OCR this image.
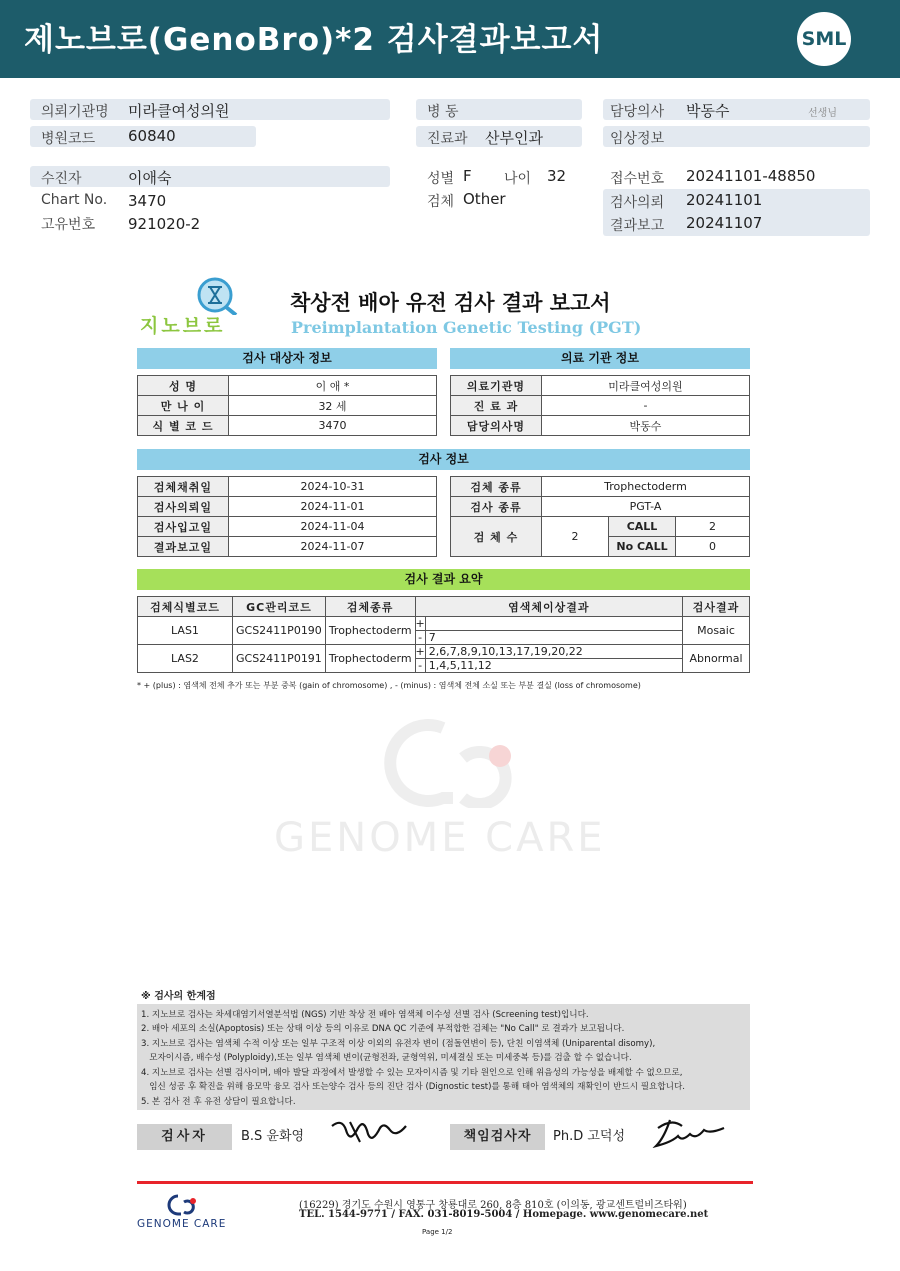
제노브로(GenoBro)*2 검사결과보고서	SML
의뢰기관명 미라클여성의원
병원코드 60840
수진자	이애숙
Chart No. 3470
고유번호 921020-2
병 동
진료과 산부인과
성별 F 나이 32
검체 Other
담당의사 박동수	선생님
임상정보
접수번호 20241101-48850
검사의뢰 20241101
결과보고 20241107
지노브로
착상전 배아 유전 검사 결과 보고서
Preimplantation Genetic Testing (PGT)
검사 대상자 정보	의료 기관 정보
성 명	이 애 *
만 나 이	32 세
식 별 코 드	3470
의료기관명	미라클여성의원
진 료 과	-
담당의사명	박동수
검사 정보
검체채취일	2024-10-31
검사의뢰일	2024-11-01
검사입고일	2024-11-04
결과보고일	2024-11-07
검체 종류	Trophectoderm		
검사 종류	PGT-A		
검 체 수	2	CALL	2
		No CALL	0
검사 결과 요약
검체식별코드	GC관리코드	검체종류	염색체이상결과		검사결과
LAS1	GCS2411P0190	Trophectoderm	+		Mosaic
			-	7	
LAS2	GCS2411P0191	Trophectoderm	+	2,6,7,8,9,10,13,17,19,20,22	Abnormal
			-	1,4,5,11,12	
* + (plus) : 염색체 전체 추가 또는 부분 중복 (gain of chromosome) , - (minus) : 염색체 전체 소실 또는 부분 결실 (loss of chromosome)
GENOME CARE
※ 검사의 한계점
1. 지노브로 검사는 차세대염기서열분석법 (NGS) 기반 착상 전 배아 염색체 이수성 선별 검사 (Screening test)입니다.
2. 배아 세포의 소실(Apoptosis) 또는 상태 이상 등의 이유로 DNA QC 기준에 부적합한 검체는 "No Call" 로 결과가 보고됩니다.
3. 지노브로 검사는 염색체 수적 이상 또는 일부 구조적 이상 이외의 유전자 변이 (점돌연변이 등), 단친 이염색체 (Uniparental disomy),
모자이시즘, 배수성 (Polyploidy),또는 일부 염색체 변이(균형전좌, 균형역위, 미세결실 또는 미세중복 등)를 검출 할 수 없습니다.
4. 지노브로 검사는 선별 검사이며, 배아 발달 과정에서 발생할 수 있는 모자이시즘 및 기타 원인으로 인해 위음성의 가능성을 배제할 수 없으므로,
임신 성공 후 확진을 위해 융모막 융모 검사 또는양수 검사 등의 진단 검사 (Dignostic test)를 통해 태아 염색체의 재확인이 반드시 필요합니다.
5. 본 검사 전 후 유전 상담이 필요합니다.
검사자	B.S 윤화영	책임검사자	Ph.D 고덕성
GENOME CARE
(16229) 경기도 수원시 영통구 창룡대로 260, 8층 810호 (이의동, 광교센트럴비즈타워)
TEL. 1544-9771 / FAX. 031-8019-5004 / Homepage. www.genomecare.net
Page 1/2
